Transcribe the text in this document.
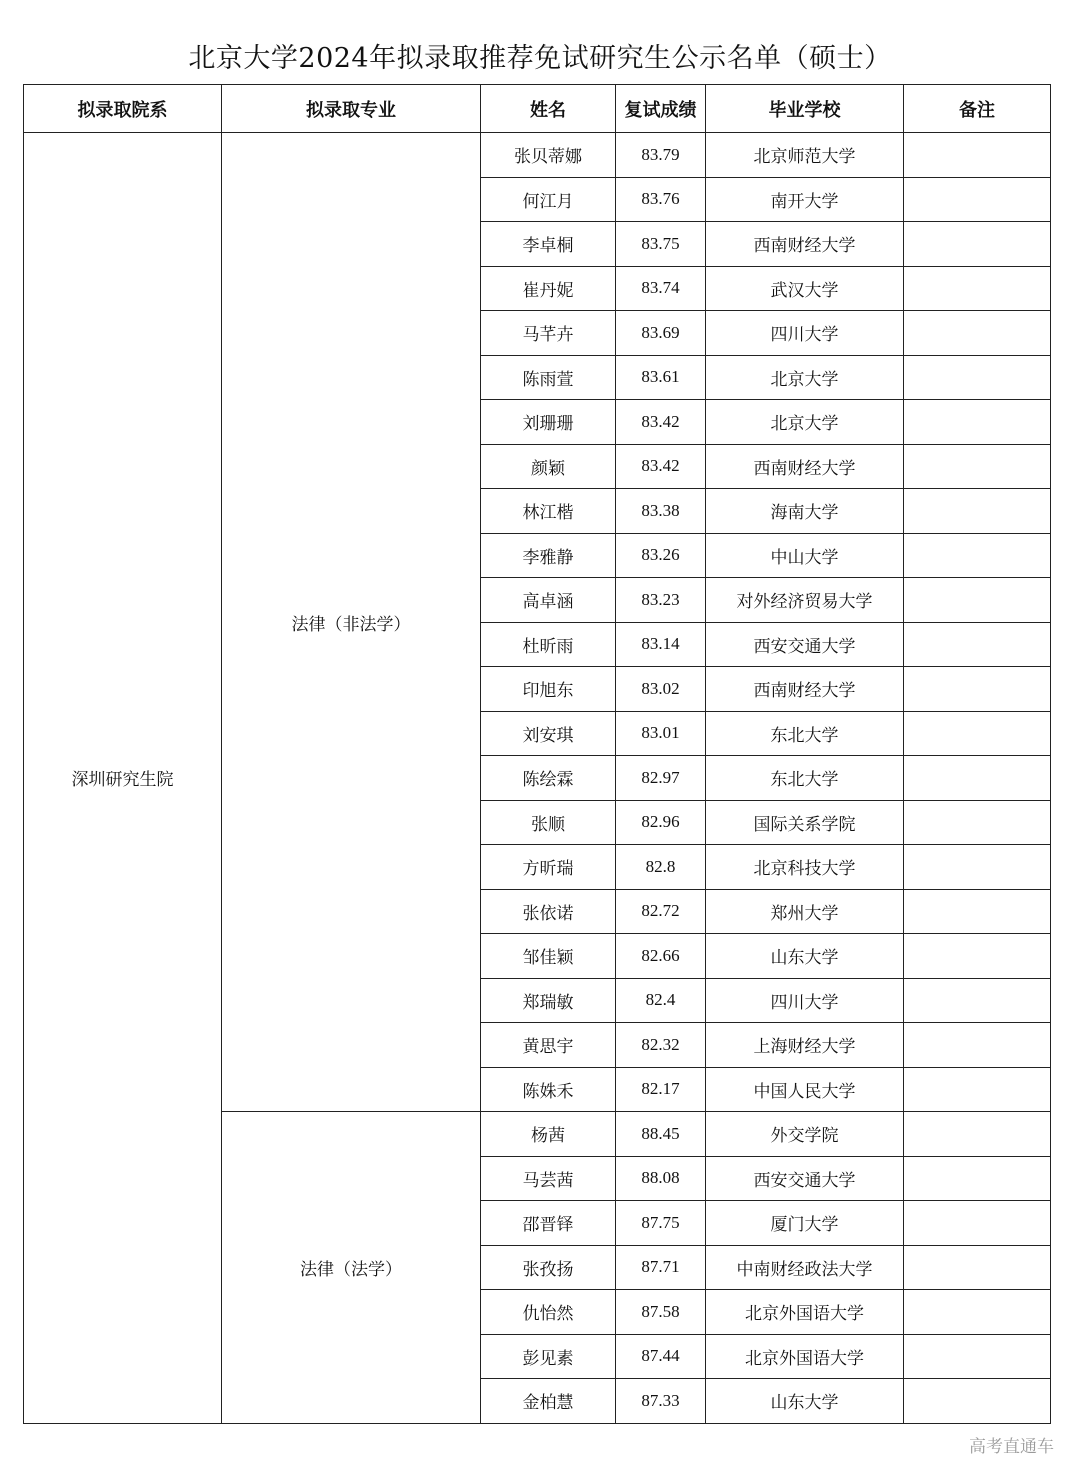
北京大学2024年拟录取推荐免试研究生公示名单（硕士）
拟录取院系	拟录取专业	姓名	复试成绩	毕业学校	备注
深圳研究生院	法律（非法学）	张贝蒂娜	83.79	北京师范大学	
		何江月	83.76	南开大学	
		李卓桐	83.75	西南财经大学	
		崔丹妮	83.74	武汉大学	
		马芊卉	83.69	四川大学	
		陈雨萱	83.61	北京大学	
		刘珊珊	83.42	北京大学	
		颜颖	83.42	西南财经大学	
		林江楷	83.38	海南大学	
		李雅静	83.26	中山大学	
		高卓涵	83.23	对外经济贸易大学	
		杜昕雨	83.14	西安交通大学	
		印旭东	83.02	西南财经大学	
		刘安琪	83.01	东北大学	
		陈绘霖	82.97	东北大学	
		张顺	82.96	国际关系学院	
		方昕瑞	82.8	北京科技大学	
		张依诺	82.72	郑州大学	
		邹佳颖	82.66	山东大学	
		郑瑞敏	82.4	四川大学	
		黄思宇	82.32	上海财经大学	
		陈姝禾	82.17	中国人民大学	
	法律（法学）	杨茜	88.45	外交学院	
		马芸茜	88.08	西安交通大学	
		邵晋铎	87.75	厦门大学	
		张孜扬	87.71	中南财经政法大学	
		仇怡然	87.58	北京外国语大学	
		彭见素	87.44	北京外国语大学	
		金柏慧	87.33	山东大学	
高考直通车
